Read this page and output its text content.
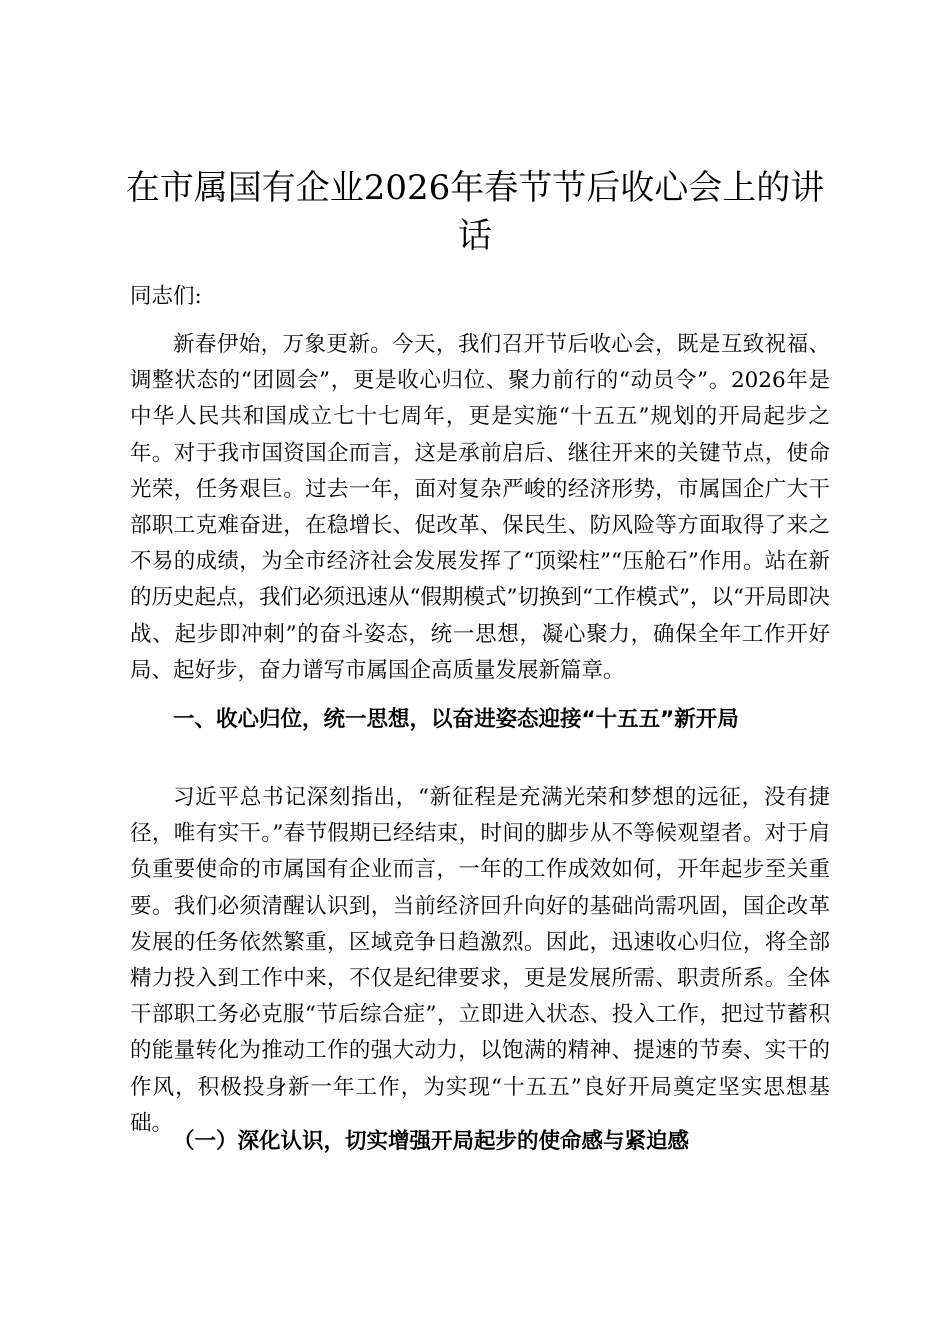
在市属国有企业2026年春节节后收心会上的讲话

同志们:

新春伊始，万象更新。今天，我们召开节后收心会，既是互致祝福、调整状态的“团圆会”，更是收心归位、聚力前行的“动员令”。2026年是中华人民共和国成立七十七周年，更是实施“十五五”规划的开局起步之年。对于我市国资国企而言，这是承前启后、继往开来的关键节点，使命光荣，任务艰巨。过去一年，面对复杂严峻的经济形势，市属国企广大干部职工克难奋进，在稳增长、促改革、保民生、防风险等方面取得了来之不易的成绩，为全市经济社会发展发挥了“顶梁柱”“压舱石”作用。站在新的历史起点，我们必须迅速从“假期模式”切换到“工作模式”，以“开局即决战、起步即冲刺”的奋斗姿态，统一思想，凝心聚力，确保全年工作开好局、起好步，奋力谱写市属国企高质量发展新篇章。

一、收心归位，统一思想，以奋进姿态迎接“十五五”新开局

习近平总书记深刻指出，“新征程是充满光荣和梦想的远征，没有捷径，唯有实干。”春节假期已经结束，时间的脚步从不等候观望者。对于肩负重要使命的市属国有企业而言，一年的工作成效如何，开年起步至关重要。我们必须清醒认识到，当前经济回升向好的基础尚需巩固，国企改革发展的任务依然繁重，区域竞争日趋激烈。因此，迅速收心归位，将全部精力投入到工作中来，不仅是纪律要求，更是发展所需、职责所系。全体干部职工务必克服“节后综合症”，立即进入状态、投入工作，把过节蓄积的能量转化为推动工作的强大动力，以饱满的精神、提速的节奏、实干的作风，积极投身新一年工作，为实现“十五五”良好开局奠定坚实思想基础。

（一）深化认识，切实增强开局起步的使命感与紧迫感
